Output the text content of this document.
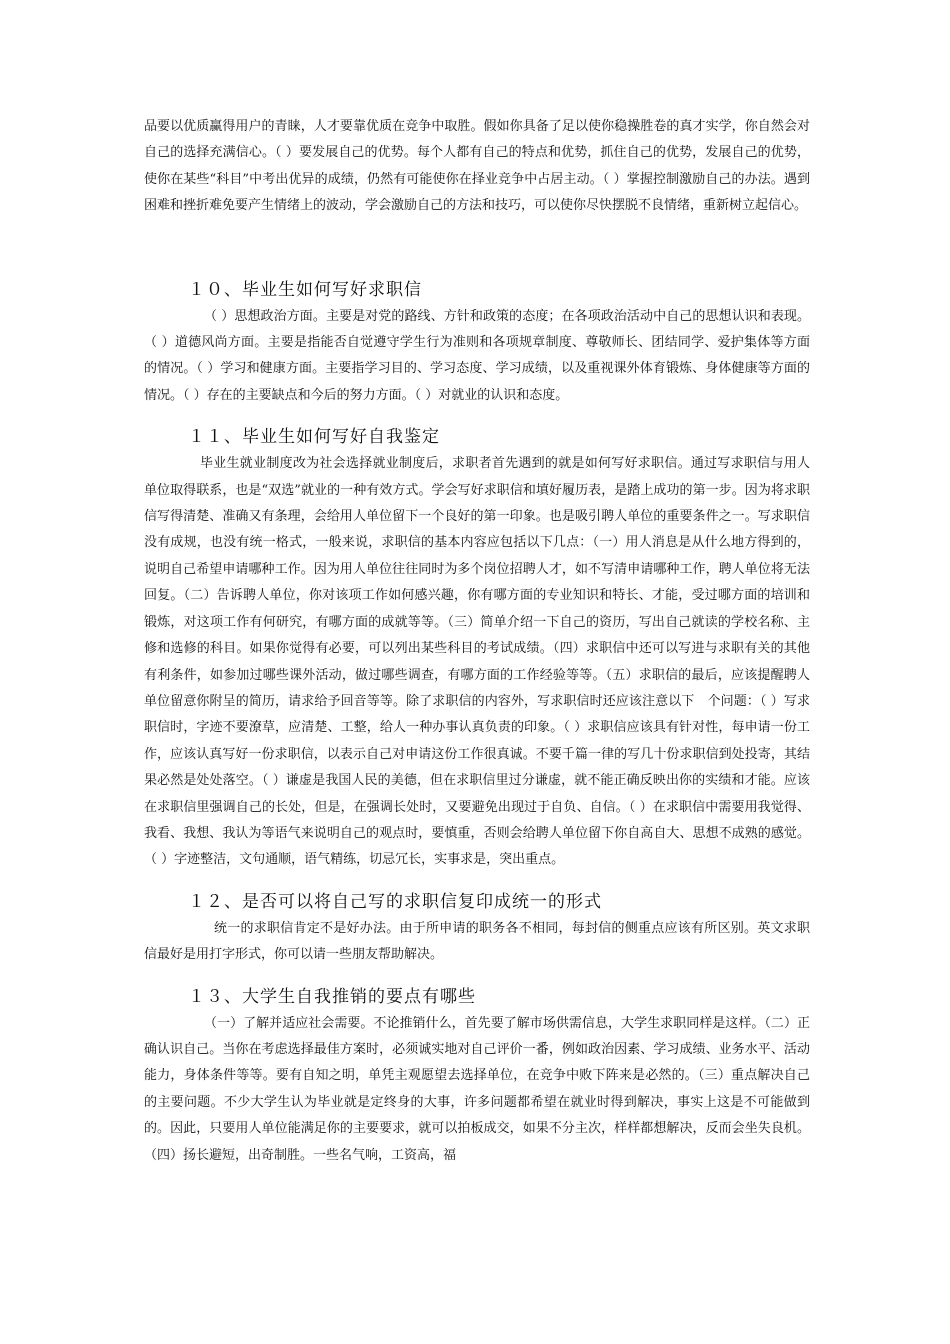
品要以优质赢得用户的青睐，人才要靠优质在竞争中取胜。假如你具备了足以使你稳操胜卷的真才实学，你自然会对自己的选择充满信心。（ ）要发展自己的优势。每个人都有自己的特点和优势，抓住自己的优势，发展自己的优势，使你在某些“科目”中考出优异的成绩，仍然有可能使你在择业竞争中占居主动。（ ）掌握控制激励自己的办法。遇到困难和挫折难免要产生情绪上的波动，学会激励自己的方法和技巧，可以使你尽快摆脱不良情绪，重新树立起信心。

１０、毕业生如何写好求职信

（ ）思想政治方面。主要是对党的路线、方针和政策的态度；在各项政治活动中自己的思想认识和表现。（ ）道德风尚方面。主要是指能否自觉遵守学生行为准则和各项规章制度、尊敬师长、团结同学、爱护集体等方面的情况。（ ）学习和健康方面。主要指学习目的、学习态度、学习成绩，以及重视课外体育锻炼、身体健康等方面的情况。（ ）存在的主要缺点和今后的努力方面。（ ）对就业的认识和态度。

１１、毕业生如何写好自我鉴定

毕业生就业制度改为社会选择就业制度后，求职者首先遇到的就是如何写好求职信。通过写求职信与用人单位取得联系，也是“双选”就业的一种有效方式。学会写好求职信和填好履历表，是踏上成功的第一步。因为将求职信写得清楚、准确又有条理，会给用人单位留下一个良好的第一印象。也是吸引聘人单位的重要条件之一。写求职信没有成规，也没有统一格式，一般来说，求职信的基本内容应包括以下几点：（一）用人消息是从什么地方得到的，说明自己希望申请哪种工作。因为用人单位往往同时为多个岗位招聘人才，如不写清申请哪种工作，聘人单位将无法回复。（二）告诉聘人单位，你对该项工作如何感兴趣，你有哪方面的专业知识和特长、才能，受过哪方面的培训和锻炼，对这项工作有何研究，有哪方面的成就等等。（三）简单介绍一下自己的资历，写出自己就读的学校名称、主修和选修的科目。如果你觉得有必要，可以列出某些科目的考试成绩。（四）求职信中还可以写进与求职有关的其他有利条件，如参加过哪些课外活动，做过哪些调查，有哪方面的工作经验等等。（五）求职信的最后，应该提醒聘人单位留意你附呈的简历，请求给予回音等等。除了求职信的内容外，写求职信时还应该注意以下　个问题：（ ）写求职信时，字迹不要潦草，应清楚、工整，给人一种办事认真负责的印象。（ ）求职信应该具有针对性，每申请一份工作，应该认真写好一份求职信，以表示自己对申请这份工作很真诚。不要千篇一律的写几十份求职信到处投寄，其结果必然是处处落空。（ ）谦虚是我国人民的美德，但在求职信里过分谦虚，就不能正确反映出你的实绩和才能。应该在求职信里强调自己的长处，但是，在强调长处时，又要避免出现过于自负、自信。（ ）在求职信中需要用我觉得、我看、我想、我认为等语气来说明自己的观点时，要慎重，否则会给聘人单位留下你自高自大、思想不成熟的感觉。（ ）字迹整洁，文句通顺，语气精练，切忌冗长，实事求是，突出重点。

１２、是否可以将自己写的求职信复印成统一的形式

统一的求职信肯定不是好办法。由于所申请的职务各不相同，每封信的侧重点应该有所区别。英文求职信最好是用打字形式，你可以请一些朋友帮助解决。

１３、大学生自我推销的要点有哪些

（一）了解并适应社会需要。不论推销什么，首先要了解市场供需信息，大学生求职同样是这样。（二）正确认识自己。当你在考虑选择最佳方案时，必须诚实地对自己评价一番，例如政治因素、学习成绩、业务水平、活动能力，身体条件等等。要有自知之明，单凭主观愿望去选择单位，在竞争中败下阵来是必然的。（三）重点解决自己的主要问题。不少大学生认为毕业就是定终身的大事，许多问题都希望在就业时得到解决，事实上这是不可能做到的。因此，只要用人单位能满足你的主要要求，就可以拍板成交，如果不分主次，样样都想解决，反而会坐失良机。（四）扬长避短，出奇制胜。一些名气响，工资高，福
